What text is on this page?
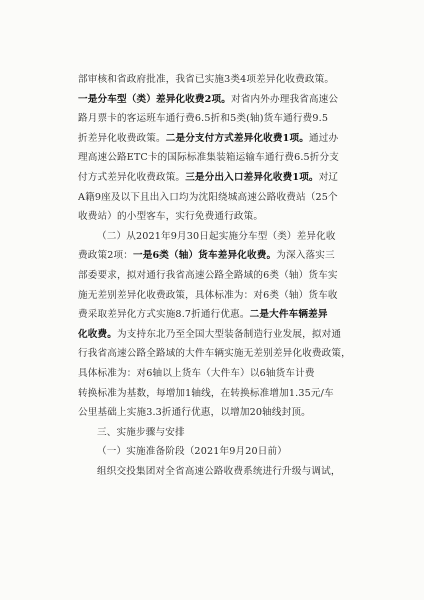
部审核和省政府批准，我省已实施3类4项差异化收费政策。
一是分车型（类）差异化收费2项。对省内外办理我省高速公
路月票卡的客运班车通行费6.5折和5类(轴)货车通行费9.5
折差异化收费政策。二是分支付方式差异化收费1项。通过办
理高速公路ETC卡的国际标准集装箱运输车通行费6.5折分支
付方式差异化收费政策。三是分出入口差异化收费1项。对辽
A籍9座及以下且出入口均为沈阳绕城高速公路收费站（25个
收费站）的小型客车，实行免费通行政策。
（二）从2021年9月30日起实施分车型（类）差异化收
费政策2项：一是6类（轴）货车差异化收费。为深入落实三
部委要求，拟对通行我省高速公路全路域的6类（轴）货车实
施无差别差异化收费政策，具体标准为：对6类（轴）货车收
费采取差异化方式实施8.7折通行优惠。二是大件车辆差异
化收费。为支持东北乃至全国大型装备制造行业发展，拟对通
行我省高速公路全路域的大件车辆实施无差别差异化收费政策，
具体标准为：对6轴以上货车（大件车）以6轴货车计费
转换标准为基数，每增加1轴线，在转换标准增加1.35元/车
公里基础上实施3.3折通行优惠，以增加20轴线封顶。
三、实施步骤与安排
（一）实施准备阶段（2021年9月20日前）
组织交投集团对全省高速公路收费系统进行升级与调试，
